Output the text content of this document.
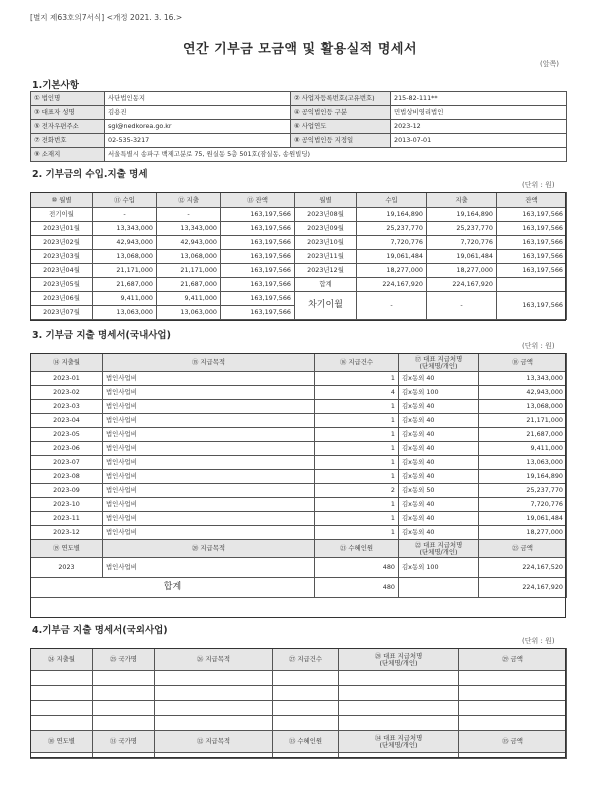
[별지 제63호의7서식] <개정 2021. 3. 16.>
연간 기부금 모금액 및 활용실적 명세서
(앞쪽)
1.기본사항
① 법인명	사단법인동지	② 사업자등록번호(고유번호)	215-82-111**
③ 대표자 성명	김용진	④ 공익법인등 구분	민법상비영리법인
⑤ 전자우편주소	sgl@nedkorea.go.kr	⑥ 사업연도	2023-12
⑦ 전화번호	02-535-3217	⑧ 공익법인등 지정일	2013-07-01
⑨ 소재지	서울특별시 송파구 백제고분로 75, 원실동 5층 501호(잠실동, 송원빌딩)		
2. 기부금의 수입.지출 명세
(단위 : 원)
⑩ 월별	⑪ 수입	⑫ 지출	⑬ 잔액	월별	수입	지출	잔액
전기이월	-	-	163,197,566	2023년08월	19,164,890	19,164,890	163,197,566
2023년01월	13,343,000	13,343,000	163,197,566	2023년09월	25,237,770	25,237,770	163,197,566
2023년02월	42,943,000	42,943,000	163,197,566	2023년10월	7,720,776	7,720,776	163,197,566
2023년03월	13,068,000	13,068,000	163,197,566	2023년11월	19,061,484	19,061,484	163,197,566
2023년04월	21,171,000	21,171,000	163,197,566	2023년12월	18,277,000	18,277,000	163,197,566
2023년05월	21,687,000	21,687,000	163,197,566	합계	224,167,920	224,167,920	
2023년06월	9,411,000	9,411,000	163,197,566	차기이월	-	-	163,197,566
2023년07월	13,063,000	13,063,000	163,197,566				
3. 기부금 지출 명세서(국내사업)
(단위 : 원)
⑭ 지출월	⑮ 지급목적	⑯ 지급건수	⑰ 대표 지급처명
(단체명/개인)	⑱ 금액
2023-01	법인사업비	1	김x동외 40	13,343,000
2023-02	법인사업비	4	김x동외 100	42,943,000
2023-03	법인사업비	1	김x동외 40	13,068,000
2023-04	법인사업비	1	김x동외 40	21,171,000
2023-05	법인사업비	1	김x동외 40	21,687,000
2023-06	법인사업비	1	김x동외 40	9,411,000
2023-07	법인사업비	1	김x동외 40	13,063,000
2023-08	법인사업비	1	김x동외 40	19,164,890
2023-09	법인사업비	2	김x동외 50	25,237,770
2023-10	법인사업비	1	김x동외 40	7,720,776
2023-11	법인사업비	1	김x동외 40	19,061,484
2023-12	법인사업비	1	김x동외 40	18,277,000
⑲ 연도별	⑳ 지급목적	㉑ 수혜인원	㉒ 대표 지급처명
(단체명/개인)	㉓ 금액
2023	법인사업비	480	김x동외 100	224,167,520
합계		480		224,167,920
4.기부금 지출 명세서(국외사업)
(단위 : 원)
㉔ 지출월	㉕ 국가명	㉖ 지급목적	㉗ 지급건수	㉘ 대표 지급처명
(단체명/개인)	㉙ 금액

㉚ 연도별	㉛ 국가명	㉜ 지급목적	㉝ 수혜인원	㉞ 대표 지급처명
(단체명/개인)	㉟ 금액
